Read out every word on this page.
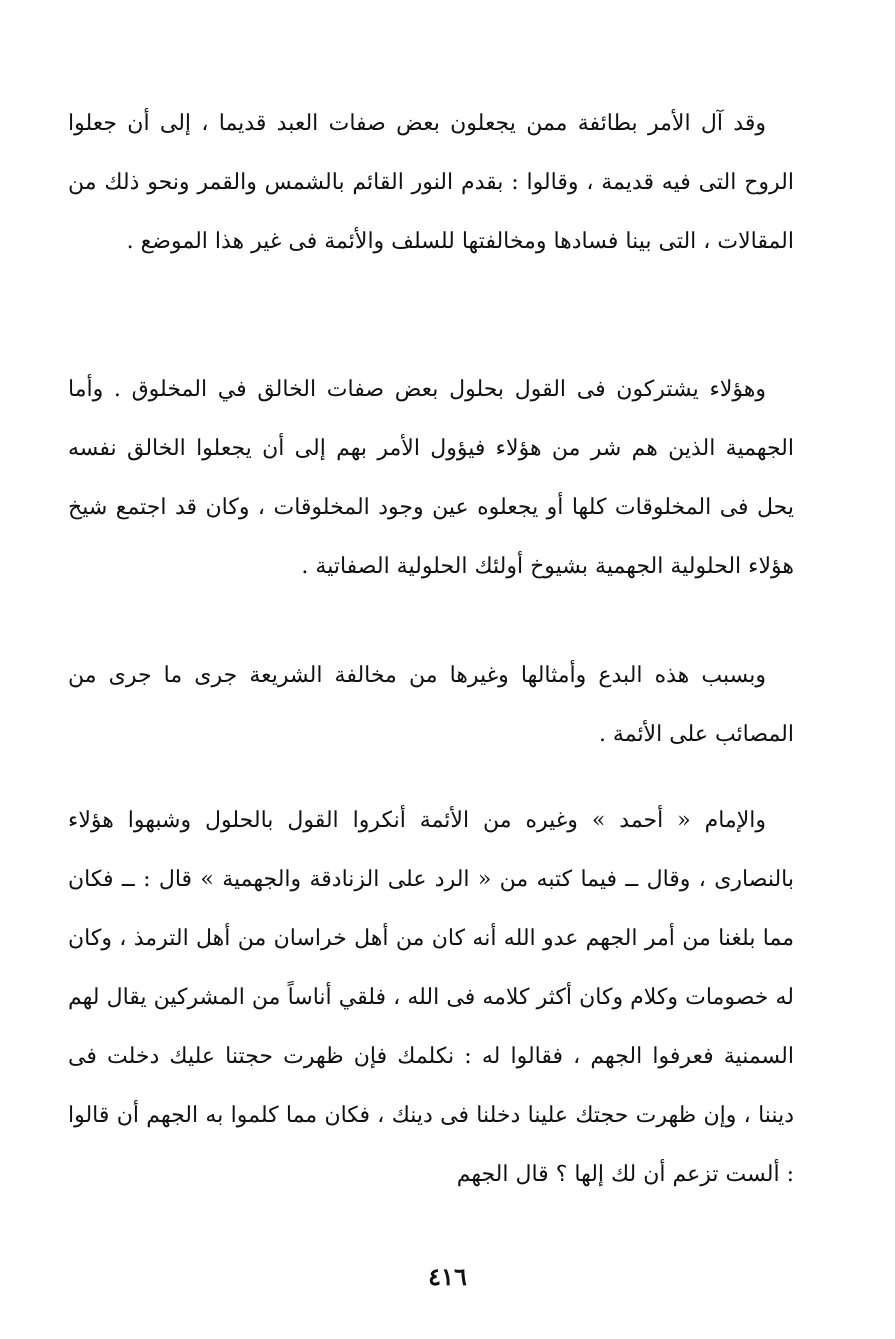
وقد آل الأمر بطائفة ممن يجعلون بعض صفات العبد قديما ، إلى أن جعلوا الروح التى فيه قديمة ، وقالوا : بقدم النور القائم بالشمس والقمر ونحو ذلك من المقالات ، التى بينا فسادها ومخالفتها للسلف والأئمة فى غير هذا الموضع .

وهؤلاء يشتركون فى القول بحلول بعض صفات الخالق في المخلوق . وأما الجهمية الذين هم شر من هؤلاء فيؤول الأمر بهم إلى أن يجعلوا الخالق نفسه يحل فى المخلوقات كلها أو يجعلوه عين وجود المخلوقات ، وكان قد اجتمع شيخ هؤلاء الحلولية الجهمية بشيوخ أولئك الحلولية الصفاتية .

وبسبب هذه البدع وأمثالها وغيرها من مخالفة الشريعة جرى ما جرى من المصائب على الأئمة .

والإمام « أحمد » وغيره من الأئمة أنكروا القول بالحلول وشبهوا هؤلاء بالنصارى ، وقال ــ فيما كتبه من « الرد على الزنادقة والجهمية » قال : ــ فكان مما بلغنا من أمر الجهم عدو الله أنه كان من أهل خراسان من أهل الترمذ ، وكان له خصومات وكلام وكان أكثر كلامه فى الله ، فلقي أناساً من المشركين يقال لهم السمنية فعرفوا الجهم ، فقالوا له : نكلمك فإن ظهرت حجتنا عليك دخلت فى ديننا ، وإن ظهرت حجتك علينا دخلنا فى دينك ، فكان مما كلموا به الجهم أن قالوا : ألست تزعم أن لك إلها ؟ قال الجهم

٤١٦
